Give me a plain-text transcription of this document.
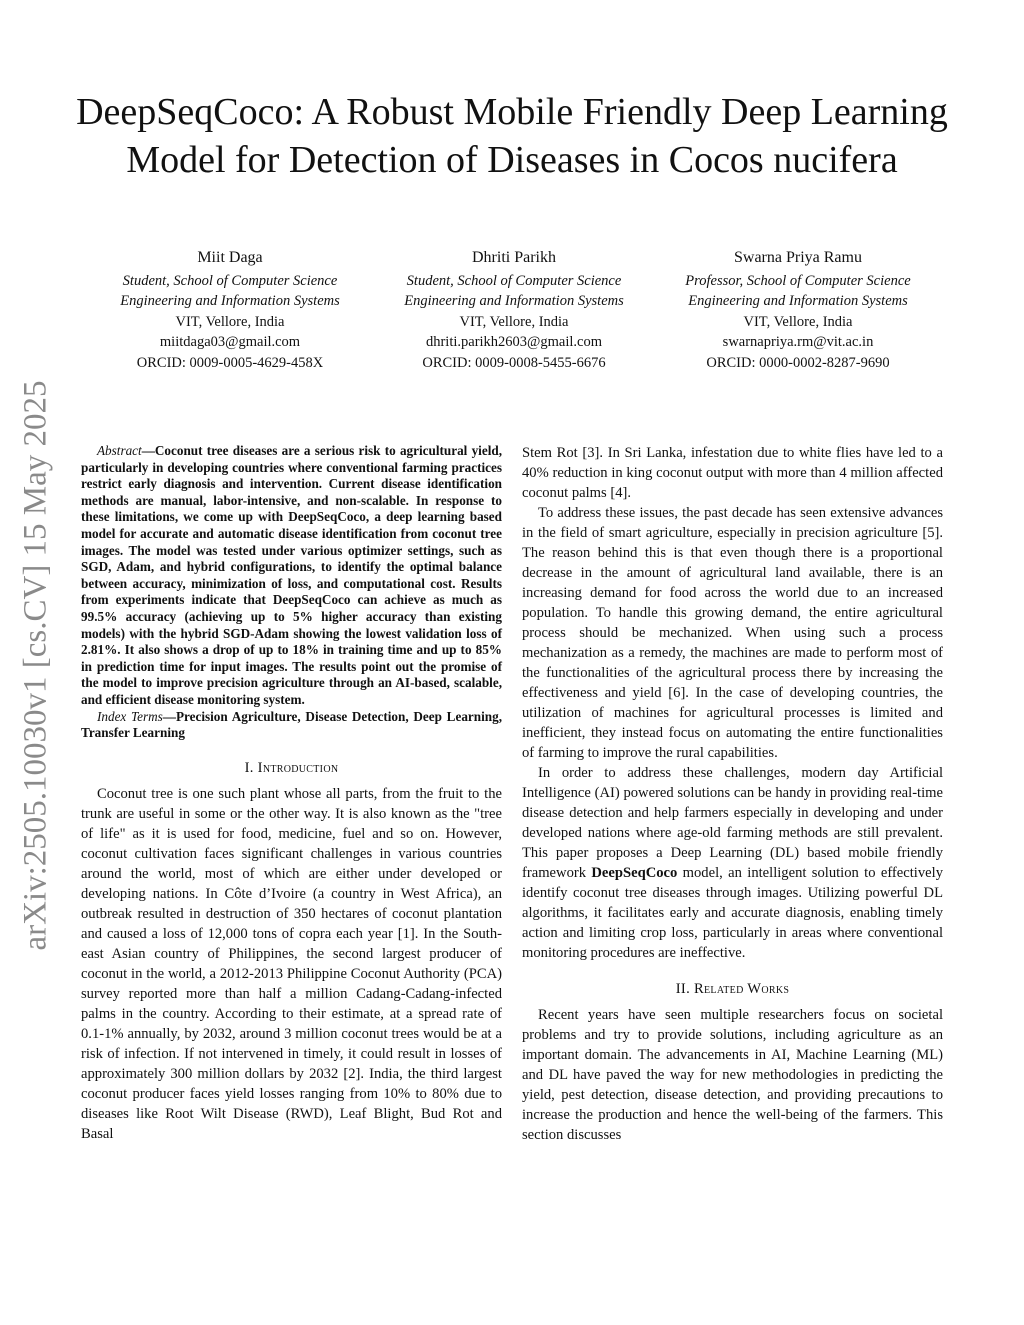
arXiv:2505.10030v1 [cs.CV] 15 May 2025
DeepSeqCoco: A Robust Mobile Friendly Deep Learning Model for Detection of Diseases in Cocos nucifera
Miit Daga
Student, School of Computer Science
Engineering and Information Systems
VIT, Vellore, India
miitdaga03@gmail.com
ORCID: 0009-0005-4629-458X
Dhriti Parikh
Student, School of Computer Science
Engineering and Information Systems
VIT, Vellore, India
dhriti.parikh2603@gmail.com
ORCID: 0009-0008-5455-6676
Swarna Priya Ramu
Professor, School of Computer Science
Engineering and Information Systems
VIT, Vellore, India
swarnapriya.rm@vit.ac.in
ORCID: 0000-0002-8287-9690

Abstract—Coconut tree diseases are a serious risk to agricultural yield, particularly in developing countries where conventional farming practices restrict early diagnosis and intervention. Current disease identification methods are manual, labor-intensive, and non-scalable. In response to these limitations, we come up with DeepSeqCoco, a deep learning based model for accurate and automatic disease identification from coconut tree images. The model was tested under various optimizer settings, such as SGD, Adam, and hybrid configurations, to identify the optimal balance between accuracy, minimization of loss, and computational cost. Results from experiments indicate that DeepSeqCoco can achieve as much as 99.5% accuracy (achieving up to 5% higher accuracy than existing models) with the hybrid SGD-Adam showing the lowest validation loss of 2.81%. It also shows a drop of up to 18% in training time and up to 85% in prediction time for input images. The results point out the promise of the model to improve precision agriculture through an AI-based, scalable, and efficient disease monitoring system.

Index Terms—Precision Agriculture, Disease Detection, Deep Learning, Transfer Learning

I. Introduction

Coconut tree is one such plant whose all parts, from the fruit to the trunk are useful in some or the other way. It is also known as the "tree of life" as it is used for food, medicine, fuel and so on. However, coconut cultivation faces significant challenges in various countries around the world, most of which are either under developed or developing nations. In Côte d’Ivoire (a country in West Africa), an outbreak resulted in destruction of 350 hectares of coconut plantation and caused a loss of 12,000 tons of copra each year [1]. In the South-east Asian country of Philippines, the second largest producer of coconut in the world, a 2012-2013 Philippine Coconut Authority (PCA) survey reported more than half a million Cadang-Cadang-infected palms in the country. According to their estimate, at a spread rate of 0.1-1% annually, by 2032, around 3 million coconut trees would be at a risk of infection. If not intervened in timely, it could result in losses of approximately 300 million dollars by 2032 [2]. India, the third largest coconut producer faces yield losses ranging from 10% to 80% due to diseases like Root Wilt Disease (RWD), Leaf Blight, Bud Rot and Basal

Stem Rot [3]. In Sri Lanka, infestation due to white flies have led to a 40% reduction in king coconut output with more than 4 million affected coconut palms [4].

To address these issues, the past decade has seen extensive advances in the field of smart agriculture, especially in precision agriculture [5]. The reason behind this is that even though there is a proportional decrease in the amount of agricultural land available, there is an increasing demand for food across the world due to an increased population. To handle this growing demand, the entire agricultural process should be mechanized. When using such a process mechanization as a remedy, the machines are made to perform most of the functionalities of the agricultural process there by increasing the effectiveness and yield [6]. In the case of developing countries, the utilization of machines for agricultural processes is limited and inefficient, they instead focus on automating the entire functionalities of farming to improve the rural capabilities.

In order to address these challenges, modern day Artificial Intelligence (AI) powered solutions can be handy in providing real-time disease detection and help farmers especially in developing and under developed nations where age-old farming methods are still prevalent. This paper proposes a Deep Learning (DL) based mobile friendly framework DeepSeqCoco model, an intelligent solution to effectively identify coconut tree diseases through images. Utilizing powerful DL algorithms, it facilitates early and accurate diagnosis, enabling timely action and limiting crop loss, particularly in areas where conventional monitoring procedures are ineffective.

II. Related Works

Recent years have seen multiple researchers focus on societal problems and try to provide solutions, including agriculture as an important domain. The advancements in AI, Machine Learning (ML) and DL have paved the way for new methodologies in predicting the yield, pest detection, disease detection, and providing precautions to increase the production and hence the well-being of the farmers. This section discusses
